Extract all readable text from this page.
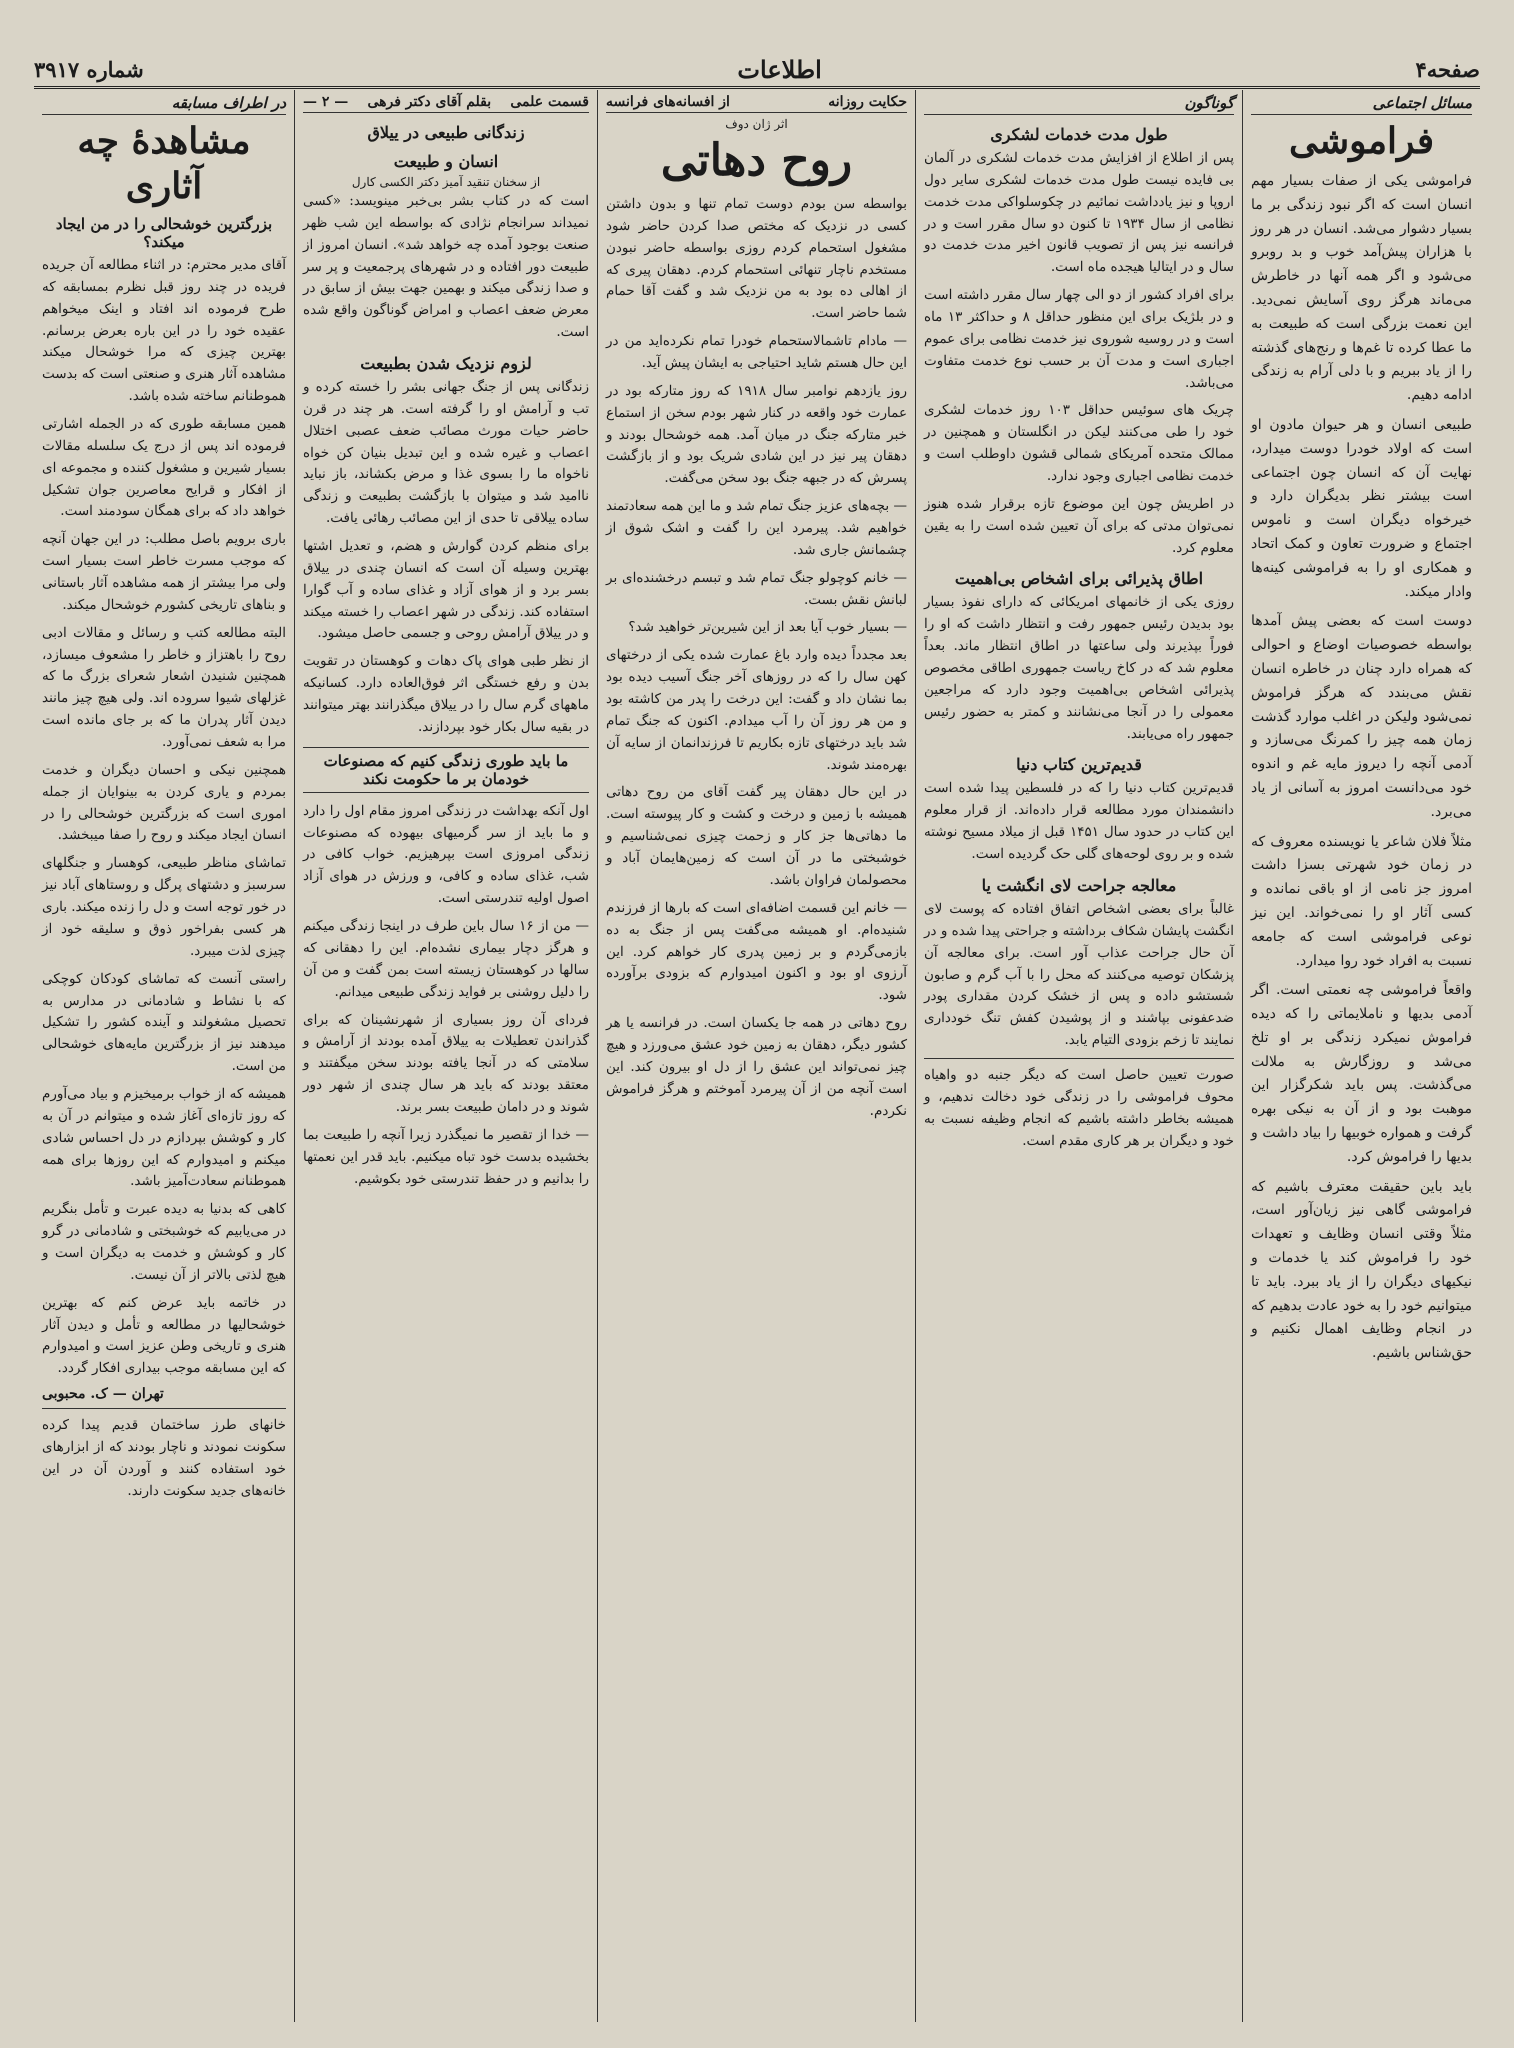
صفحه۴
اطلاعات
شماره ۳۹۱۷
مسائل اجتماعی
فراموشی

فراموشی یکی از صفات بسیار مهم انسان است که اگر نبود زندگی بر ما بسیار دشوار می‌شد. انسان در هر روز با هزاران پیش‌آمد خوب و بد روبرو می‌شود و اگر همه آنها در خاطرش می‌ماند هرگز روی آسایش نمی‌دید. این نعمت بزرگی است که طبیعت به ما عطا کرده تا غم‌ها و رنج‌های گذشته را از یاد ببریم و با دلی آرام به زندگی ادامه دهیم.

طبیعی انسان و هر حیوان مادون او است که اولاد خودرا دوست میدارد، نهایت آن که انسان چون اجتماعی است بیشتر نظر بدیگران دارد و خیرخواه دیگران است و ناموس اجتماع و ضرورت تعاون و کمک اتحاد و همکاری او را به فراموشی کینه‌ها وادار میکند.

دوست است که بعضی پیش آمدها بواسطه خصوصیات اوضاع و احوالی که همراه دارد چنان در خاطره انسان نقش می‌بندد که هرگز فراموش نمی‌شود ولیکن در اغلب موارد گذشت زمان همه چیز را کمرنگ می‌سازد و آدمی آنچه را دیروز مایه غم و اندوه خود می‌دانست امروز به آسانی از یاد می‌برد.

مثلاً فلان شاعر یا نویسنده معروف که در زمان خود شهرتی بسزا داشت امروز جز نامی از او باقی نمانده و کسی آثار او را نمی‌خواند. این نیز نوعی فراموشی است که جامعه نسبت به افراد خود روا میدارد.

واقعاً فراموشی چه نعمتی است. اگر آدمی بدیها و ناملایماتی را که دیده فراموش نمیکرد زندگی بر او تلخ می‌شد و روزگارش به ملالت می‌گذشت. پس باید شکرگزار این موهبت بود و از آن به نیکی بهره گرفت و همواره خوبیها را بیاد داشت و بدیها را فراموش کرد.

باید باین حقیقت معترف باشیم که فراموشی گاهی نیز زیان‌آور است، مثلاً وقتی انسان وظایف و تعهدات خود را فراموش کند یا خدمات و نیکیهای دیگران را از یاد ببرد. باید تا میتوانیم خود را به خود عادت بدهیم که در انجام وظایف اهمال نکنیم و حق‌شناس باشیم.

گوناگون
طول مدت خدمات لشکری

پس از اطلاع از افزایش مدت خدمات لشکری در آلمان بی فایده نیست طول مدت خدمات لشکری سایر دول اروپا و نیز یادداشت نمائیم در چکوسلواکی مدت خدمت نظامی از سال ۱۹۳۴ تا کنون دو سال مقرر است و در فرانسه نیز پس از تصویب قانون اخیر مدت خدمت دو سال و در ایتالیا هیجده ماه است.

برای افراد کشور از دو الی چهار سال مقرر داشته است و در بلژیک برای این منظور حداقل ۸ و حداکثر ۱۳ ماه است و در روسیه شوروی نیز خدمت نظامی برای عموم اجباری است و مدت آن بر حسب نوع خدمت متفاوت می‌باشد.

چریک های سوئیس حداقل ۱۰۳ روز خدمات لشکری خود را طی می‌کنند لیکن در انگلستان و همچنین در ممالک متحده آمریکای شمالی قشون داوطلب است و خدمت نظامی اجباری وجود ندارد.

در اطریش چون این موضوع تازه برقرار شده هنوز نمی‌توان مدتی که برای آن تعیین شده است را به یقین معلوم کرد.

اطاق پذیرائی برای اشخاص بی‌اهمیت

روزی یکی از خانمهای امریکائی که دارای نفوذ بسیار بود بدیدن رئیس جمهور رفت و انتظار داشت که او را فوراً بپذیرند ولی ساعتها در اطاق انتظار ماند. بعداً معلوم شد که در کاخ ریاست جمهوری اطاقی مخصوص پذیرائی اشخاص بی‌اهمیت وجود دارد که مراجعین معمولی را در آنجا می‌نشانند و کمتر به حضور رئیس جمهور راه می‌یابند.

قدیم‌ترین کتاب دنیا

قدیم‌ترین کتاب دنیا را که در فلسطین پیدا شده است دانشمندان مورد مطالعه قرار داده‌اند. از قرار معلوم این کتاب در حدود سال ۱۴۵۱ قبل از میلاد مسیح نوشته شده و بر روی لوحه‌های گلی حک گردیده است.

معالجه جراحت لای انگشت یا

غالباً برای بعضی اشخاص اتفاق افتاده که پوست لای انگشت پایشان شکاف برداشته و جراحتی پیدا شده و در آن حال جراحت عذاب آور است. برای معالجه آن پزشکان توصیه می‌کنند که محل را با آب گرم و صابون شستشو داده و پس از خشک کردن مقداری پودر ضدعفونی بپاشند و از پوشیدن کفش تنگ خودداری نمایند تا زخم بزودی التیام یابد.

صورت تعیین حاصل است که دیگر جنبه دو واهیاه محوف فراموشی را در زندگی خود دخالت ندهیم، و همیشه بخاطر داشته باشیم که انجام وظیفه نسبت به خود و دیگران بر هر کاری مقدم است.

حکایت روزانه
از افسانه‌های فرانسه
اثر ژان دوف
روح دهاتی

بواسطه سن بودم دوست تمام تنها و بدون داشتن کسی در نزدیک که مختص صدا کردن حاضر شود مشغول استحمام کردم روزی بواسطه حاضر نبودن مستخدم ناچار تنهائی استحمام کردم. دهقان پیری که از اهالی ده بود به من نزدیک شد و گفت آقا حمام شما حاضر است.

— مادام تاشمالاستحمام خودرا تمام نکرده‌اید من در این حال هستم شاید احتیاجی به ایشان پیش آید.

روز یازدهم نوامبر سال ۱۹۱۸ که روز متارکه بود در عمارت خود واقعه در کنار شهر بودم سخن از استماع خبر متارکه جنگ در میان آمد. همه خوشحال بودند و دهقان پیر نیز در این شادی شریک بود و از بازگشت پسرش که در جبهه جنگ بود سخن می‌گفت.

— بچه‌های عزیز جنگ تمام شد و ما این همه سعادتمند خواهیم شد. پیرمرد این را گفت و اشک شوق از چشمانش جاری شد.

— خانم کوچولو جنگ تمام شد و تبسم درخشنده‌ای بر لبانش نقش بست.

— بسیار خوب آیا بعد از این شیرین‌تر خواهید شد؟

بعد مجدداً دیده وارد باغ عمارت شده یکی از درختهای کهن سال را که در روزهای آخر جنگ آسیب دیده بود بما نشان داد و گفت: این درخت را پدر من کاشته بود و من هر روز آن را آب میدادم. اکنون که جنگ تمام شد باید درختهای تازه بکاریم تا فرزندانمان از سایه آن بهره‌مند شوند.

در این حال دهقان پیر گفت آقای من روح دهاتی همیشه با زمین و درخت و کشت و کار پیوسته است. ما دهاتی‌ها جز کار و زحمت چیزی نمی‌شناسیم و خوشبختی ما در آن است که زمین‌هایمان آباد و محصولمان فراوان باشد.

— خانم این قسمت اضافه‌ای است که بارها از فرزندم شنیده‌ام. او همیشه می‌گفت پس از جنگ به ده بازمی‌گردم و بر زمین پدری کار خواهم کرد. این آرزوی او بود و اکنون امیدوارم که بزودی برآورده شود.

روح دهاتی در همه جا یکسان است. در فرانسه یا هر کشور دیگر، دهقان به زمین خود عشق می‌ورزد و هیچ چیز نمی‌تواند این عشق را از دل او بیرون کند. این است آنچه من از آن پیرمرد آموختم و هرگز فراموش نکردم.

قسمت علمی
بقلم آقای دکتر فرهی
— ۲ —
زندگانی طبیعی در ییلاق
انسان و طبیعت
از سخنان تنقید آمیز دکتر الکسی کارل

است که در کتاب بشر بی‌خبر مینویسد: «کسی نمیداند سرانجام نژادی که بواسطه این شب ظهر صنعت بوجود آمده چه خواهد شد». انسان امروز از طبیعت دور افتاده و در شهرهای پرجمعیت و پر سر و صدا زندگی میکند و بهمین جهت بیش از سابق در معرض ضعف اعصاب و امراض گوناگون واقع شده است.

لزوم نزدیک شدن بطبیعت

زندگانی پس از جنگ جهانی بشر را خسته کرده و تب و آرامش او را گرفته است. هر چند در قرن حاضر حیات مورث مصائب ضعف عصبی اختلال اعصاب و غیره شده و این تبدیل بنیان کن خواه ناخواه ما را بسوی غذا و مرض بکشاند، باز نباید ناامید شد و میتوان با بازگشت بطبیعت و زندگی ساده ییلاقی تا حدی از این مصائب رهائی یافت.

برای منظم کردن گوارش و هضم، و تعدیل اشتها بهترین وسیله آن است که انسان چندی در ییلاق بسر برد و از هوای آزاد و غذای ساده و آب گوارا استفاده کند. زندگی در شهر اعصاب را خسته میکند و در ییلاق آرامش روحی و جسمی حاصل میشود.

از نظر طبی هوای پاک دهات و کوهستان در تقویت بدن و رفع خستگی اثر فوق‌العاده دارد. کسانیکه ماههای گرم سال را در ییلاق میگذرانند بهتر میتوانند در بقیه سال بکار خود بپردازند.

ما باید طوری زندگی کنیم که مصنوعات خودمان بر ما حکومت نکند

اول آنکه بهداشت در زندگی امروز مقام اول را دارد و ما باید از سر گرمیهای بیهوده که مصنوعات زندگی امروزی است بپرهیزیم. خواب کافی در شب، غذای ساده و کافی، و ورزش در هوای آزاد اصول اولیه تندرستی است.

— من از ۱۶ سال باین طرف در اینجا زندگی میکنم و هرگز دچار بیماری نشده‌ام. این را دهقانی که سالها در کوهستان زیسته است بمن گفت و من آن را دلیل روشنی بر فواید زندگی طبیعی میدانم.

فردای آن روز بسیاری از شهرنشینان که برای گذراندن تعطیلات به ییلاق آمده بودند از آرامش و سلامتی که در آنجا یافته بودند سخن میگفتند و معتقد بودند که باید هر سال چندی از شهر دور شوند و در دامان طبیعت بسر برند.

— خدا از تقصیر ما نمیگذرد زیرا آنچه را طبیعت بما بخشیده بدست خود تباه میکنیم. باید قدر این نعمتها را بدانیم و در حفظ تندرستی خود بکوشیم.

در اطراف مسابقه
مشاهدهٔ چه آثاری
بزرگترین خوشحالی را در من ایجاد میکند؟

آقای مدیر محترم: در اثناء مطالعه آن جریده فریده در چند روز قبل نظرم بمسابقه که طرح فرموده اند افتاد و اینک میخواهم عقیده خود را در این باره بعرض برسانم. بهترین چیزی که مرا خوشحال میکند مشاهده آثار هنری و صنعتی است که بدست هموطنانم ساخته شده باشد.

همین مسابقه طوری که در الجمله اشارتی فرموده اند پس از درج یک سلسله مقالات بسیار شیرین و مشغول کننده و مجموعه ای از افکار و قرایح معاصرین جوان تشکیل خواهد داد که برای همگان سودمند است.

باری برویم باصل مطلب: در این جهان آنچه که موجب مسرت خاطر است بسیار است ولی مرا بیشتر از همه مشاهده آثار باستانی و بناهای تاریخی کشورم خوشحال میکند.

البته مطالعه کتب و رسائل و مقالات ادبی روح را باهتزاز و خاطر را مشعوف میسازد، همچنین شنیدن اشعار شعرای بزرگ ما که غزلهای شیوا سروده اند. ولی هیچ چیز مانند دیدن آثار پدران ما که بر جای مانده است مرا به شعف نمی‌آورد.

همچنین نیکی و احسان دیگران و خدمت بمردم و یاری کردن به بینوایان از جمله اموری است که بزرگترین خوشحالی را در انسان ایجاد میکند و روح را صفا میبخشد.

تماشای مناظر طبیعی، کوهسار و جنگلهای سرسبز و دشتهای پرگل و روستاهای آباد نیز در خور توجه است و دل را زنده میکند. باری هر کسی بفراخور ذوق و سلیقه خود از چیزی لذت میبرد.

راستی آنست که تماشای کودکان کوچکی که با نشاط و شادمانی در مدارس به تحصیل مشغولند و آینده کشور را تشکیل میدهند نیز از بزرگترین مایه‌های خوشحالی من است.

همیشه که از خواب برمیخیزم و بیاد می‌آورم که روز تازه‌ای آغاز شده و میتوانم در آن به کار و کوشش بپردازم در دل احساس شادی میکنم و امیدوارم که این روزها برای همه هموطنانم سعادت‌آمیز باشد.

کاهی که بدنیا به دیده عبرت و تأمل بنگریم در می‌یابیم که خوشبختی و شادمانی در گرو کار و کوشش و خدمت به دیگران است و هیچ لذتی بالاتر از آن نیست.

در خاتمه باید عرض کنم که بهترین خوشحالیها در مطالعه و تأمل و دیدن آثار هنری و تاریخی وطن عزیز است و امیدوارم که این مسابقه موجب بیداری افکار گردد.

تهران — ک. محبوبی

خانهای طرز ساختمان قدیم پیدا کرده سکونت نمودند و ناچار بودند که از ابزارهای خود استفاده کنند و آوردن آن در این خانه‌های جدید سکونت دارند.
